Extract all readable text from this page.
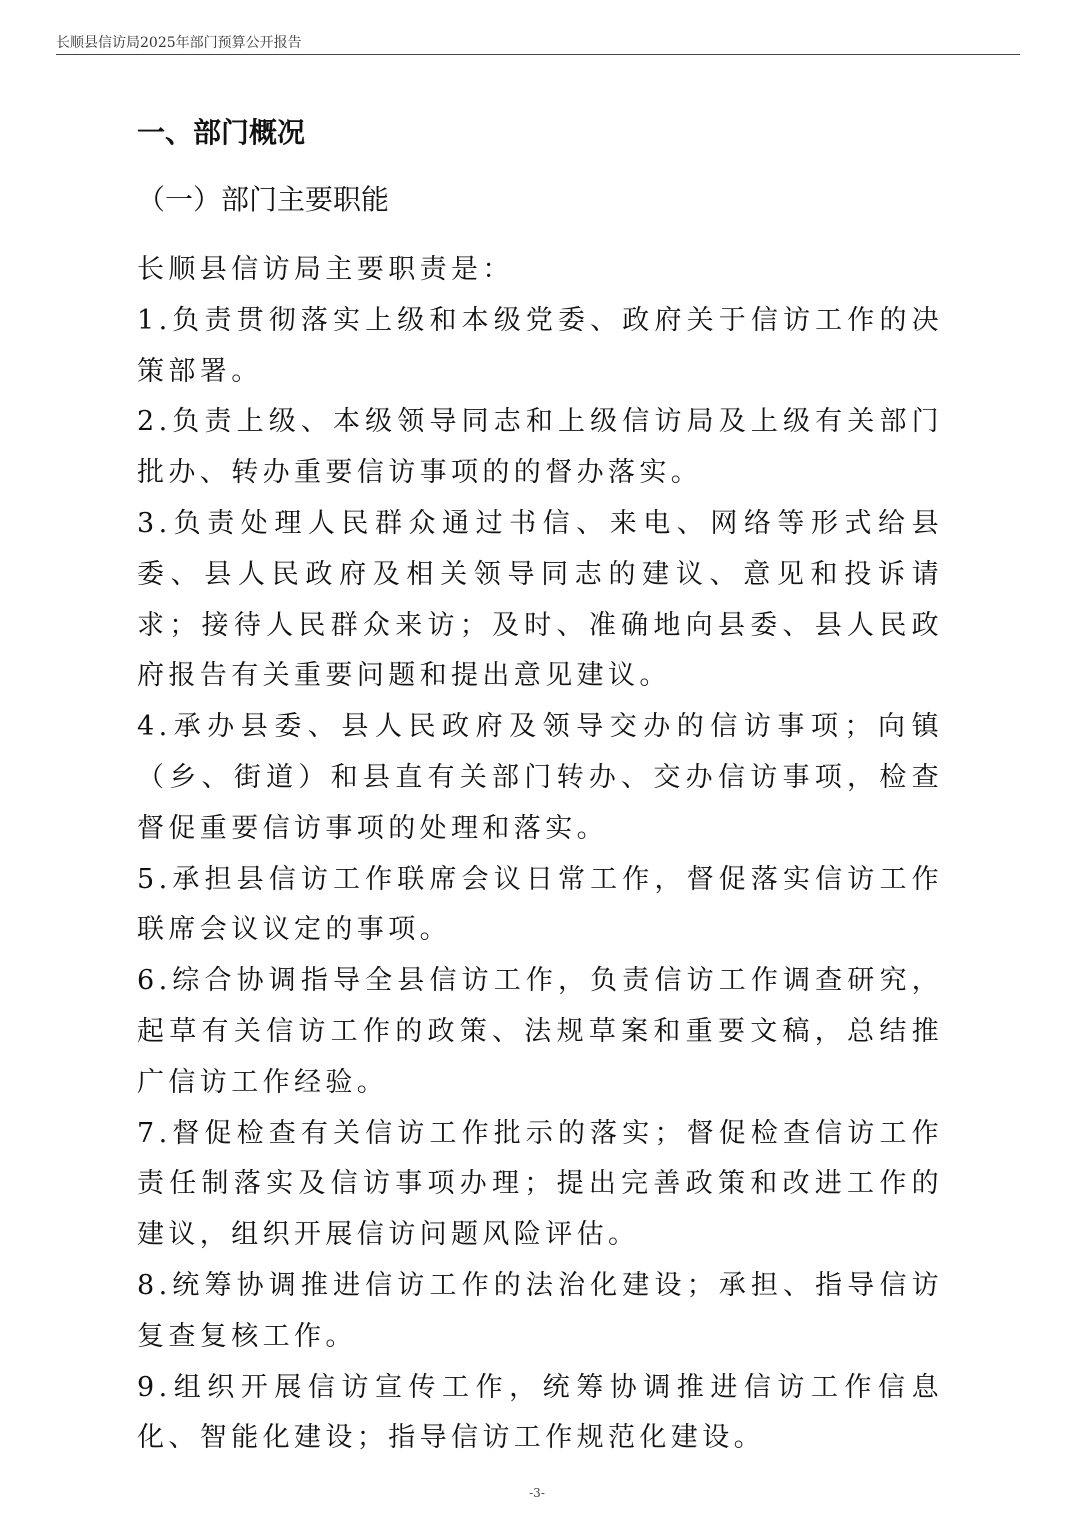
长顺县信访局2025年部门预算公开报告
一、部门概况
（一）部门主要职能

长顺县信访局主要职责是：

1.负责贯彻落实上级和本级党委、政府关于信访工作的决策部署。

2.负责上级、本级领导同志和上级信访局及上级有关部门批办、转办重要信访事项的的督办落实。

3.负责处理人民群众通过书信、来电、网络等形式给县委、县人民政府及相关领导同志的建议、意见和投诉请求；接待人民群众来访；及时、准确地向县委、县人民政府报告有关重要问题和提出意见建议。

4.承办县委、县人民政府及领导交办的信访事项；向镇（乡、街道）和县直有关部门转办、交办信访事项，检查督促重要信访事项的处理和落实。

5.承担县信访工作联席会议日常工作，督促落实信访工作联席会议议定的事项。

6.综合协调指导全县信访工作，负责信访工作调查研究，起草有关信访工作的政策、法规草案和重要文稿，总结推广信访工作经验。

7.督促检查有关信访工作批示的落实；督促检查信访工作责任制落实及信访事项办理；提出完善政策和改进工作的建议，组织开展信访问题风险评估。

8.统筹协调推进信访工作的法治化建设；承担、指导信访复查复核工作。

9.组织开展信访宣传工作，统筹协调推进信访工作信息化、智能化建设；指导信访工作规范化建设。

-3-
